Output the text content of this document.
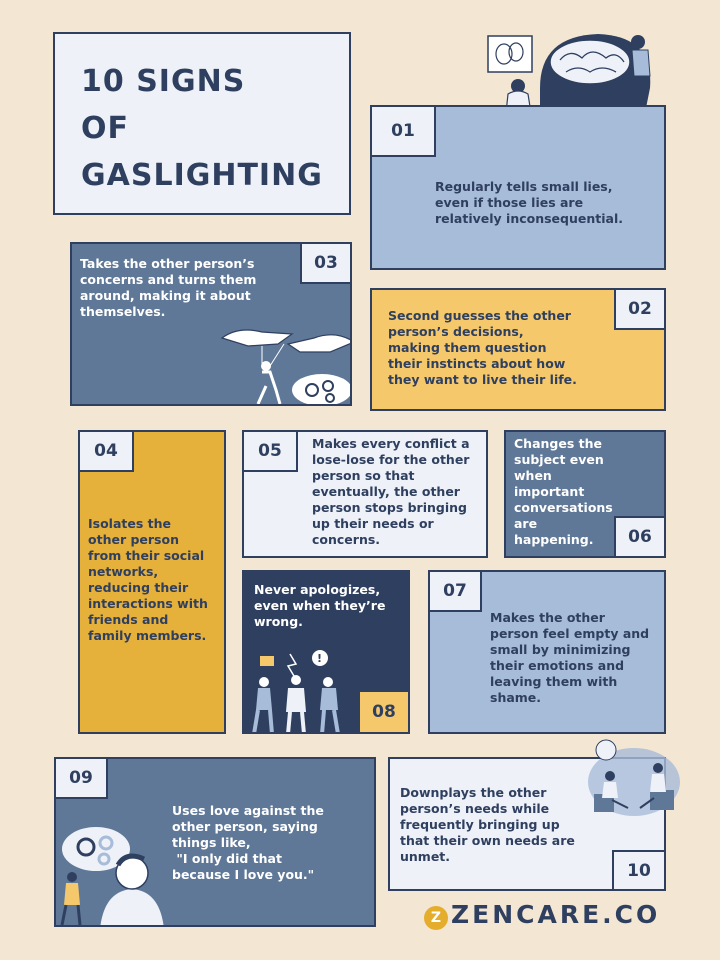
10 SIGNS
OF
GASLIGHTING	Regularly tells small lies,
even if those lies are
relatively inconsequential.
01
Takes the other person’s
concerns and turns them
around, making it about
themselves.
03
Second guesses the other
person’s decisions,
making them question
their instincts about how
they want to live their life.
02
Isolates the
other person
from their social
networks,
reducing their
interactions with
friends and
family members.
04	Makes every conflict a
lose-lose for the other
person so that
eventually, the other
person stops bringing
up their needs or
concerns.
05	Changes the
subject even
when
important
conversations
are
happening.	06
Never apologizes,
even when they’re
wrong.
!
08
Makes the other
person feel empty and
small by minimizing
their emotions and
leaving them with
shame.
07
Uses love against the
other person, saying
things like,
"I only did that
because I love you."
09
Downplays the other
person’s needs while
frequently bringing up
that their own needs are
unmet.
10
Z ZENCARE.CO
